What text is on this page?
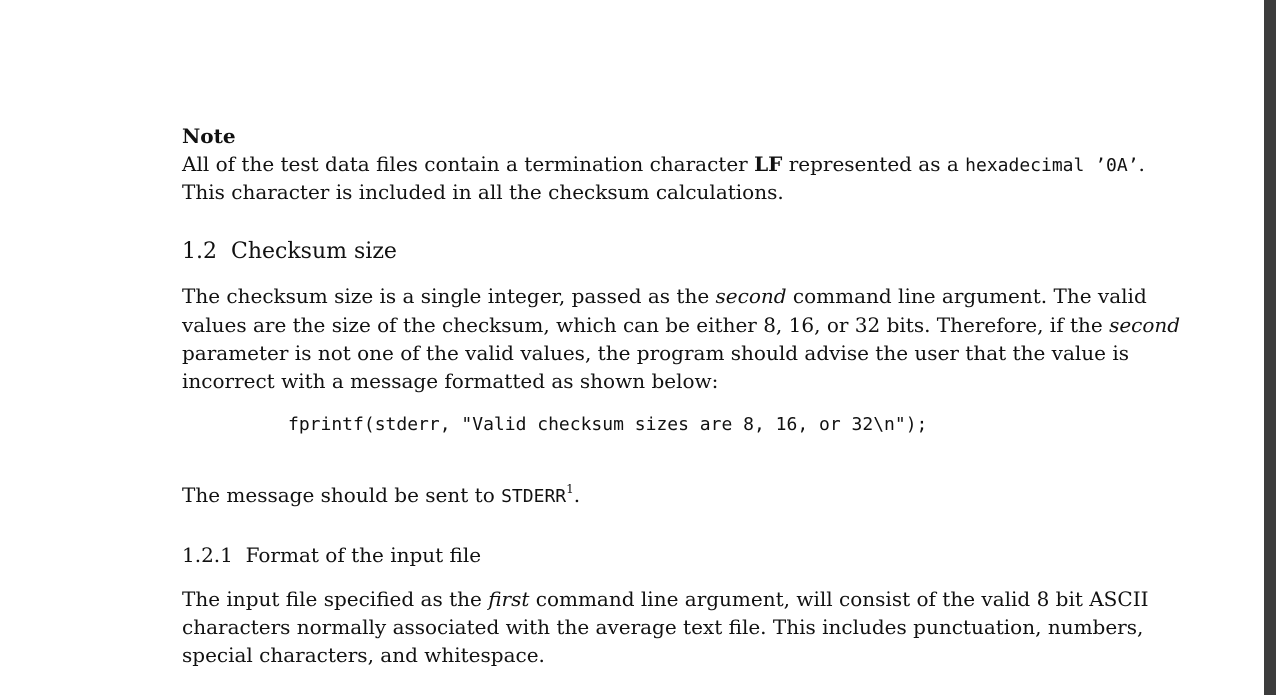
Note
All of the test data files contain a termination character LF represented as a hexadecimal ’0A’.
This character is included in all the checksum calculations.
1.2 Checksum size
The checksum size is a single integer, passed as the second command line argument. The valid
values are the size of the checksum, which can be either 8, 16, or 32 bits. Therefore, if the second
parameter is not one of the valid values, the program should advise the user that the value is
incorrect with a message formatted as shown below:
fprintf(stderr, "Valid checksum sizes are 8, 16, or 32\n");
The message should be sent to STDERR$^1$.
1.2.1 Format of the input file
The input file specified as the first command line argument, will consist of the valid 8 bit ASCII
characters normally associated with the average text file. This includes punctuation, numbers,
special characters, and whitespace.
